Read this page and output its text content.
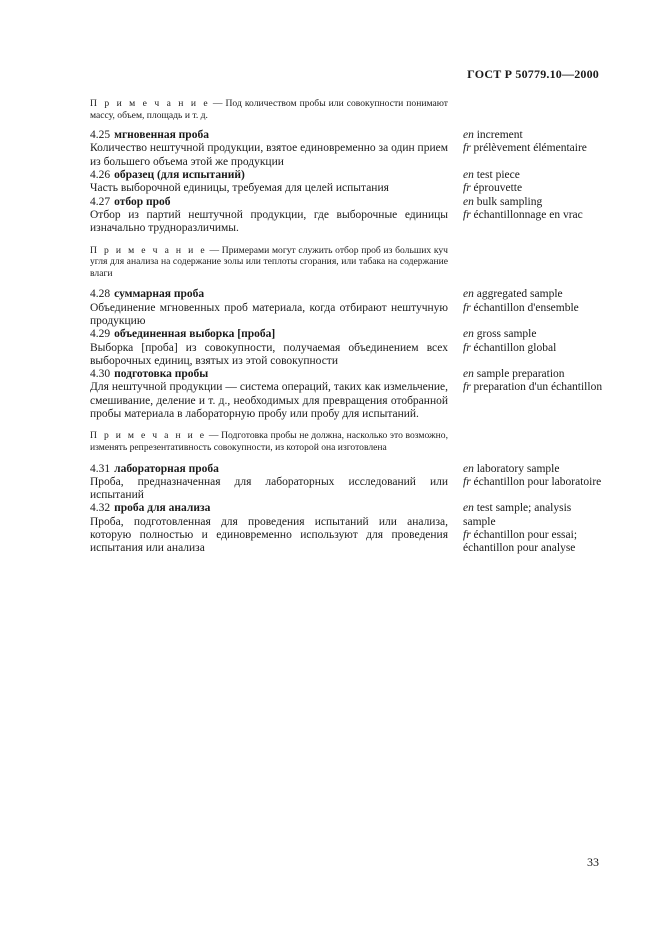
ГОСТ Р 50779.10—2000
П р и м е ч а н и е — Под количеством пробы или совокупности понимают массу, объем, площадь и т. д.
4.25 мгновенная проба
Количество нештучной продукции, взятое единовременно за один прием из большего объема этой же продукции
en increment
fr prélèvement élémentaire
4.26 образец (для испытаний)
Часть выборочной единицы, требуемая для целей испытания
en test piece
fr éprouvette
4.27 отбор проб
Отбор из партий нештучной продукции, где выборочные единицы изначально трудноразличимы.
en bulk sampling
fr échantillonnage en vrac
П р и м е ч а н и е — Примерами могут служить отбор проб из больших куч угля для анализа на содержание золы или теплоты сгорания, или табака на содержание влаги
4.28 суммарная проба
Объединение мгновенных проб материала, когда отбирают нештучную продукцию
en aggregated sample
fr échantillon d'ensemble
4.29 объединенная выборка [проба]
Выборка [проба] из совокупности, получаемая объединением всех выборочных единиц, взятых из этой совокупности
en gross sample
fr échantillon global
4.30 подготовка пробы
Для нештучной продукции — система операций, таких как измельчение, смешивание, деление и т. д., необходимых для превращения отобранной пробы материала в лабораторную пробу или пробу для испытаний.
en sample preparation
fr preparation d'un échantillon
П р и м е ч а н и е — Подготовка пробы не должна, насколько это возможно, изменять репрезентативность совокупности, из которой она изготовлена
4.31 лабораторная проба
Проба, предназначенная для лабораторных исследований или испытаний
en laboratory sample
fr échantillon pour laboratoire
4.32 проба для анализа
Проба, подготовленная для проведения испытаний или анализа, которую полностью и единовременно используют для проведения испытания или анализа
en test sample; analysis sample
fr échantillon pour essai; échantillon pour analyse
33
